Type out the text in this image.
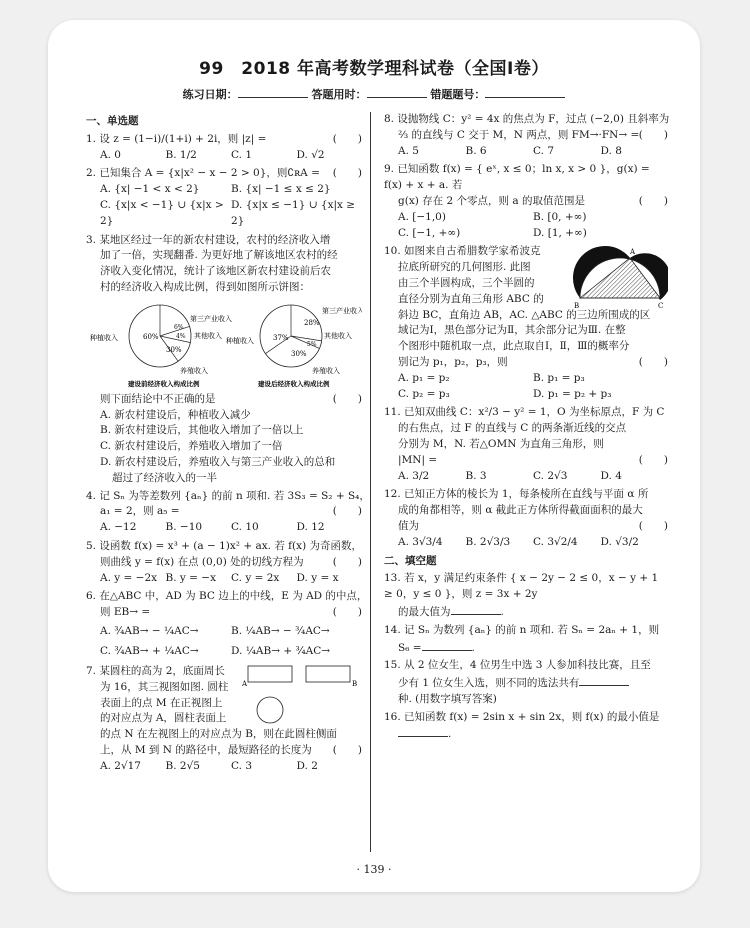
99　2018 年高考数学理科试卷（全国Ⅰ卷）
练习日期：	答题用时：	错题题号：
一、单选题
1. 设 z = (1−i)/(1+i) + 2i，则 |z| =	(　　)
A. 0	B. 1/2	C. 1	D. √2
2. 已知集合 A = {x|x² − x − 2 > 0}，则∁ʀA = (　　)
A. {x| −1 < x < 2}	B. {x| −1 ≤ x ≤ 2}
C. {x|x < −1} ∪ {x|x > 2}
D. {x|x ≤ −1} ∪ {x|x ≥ 2}
3. 某地区经过一年的新农村建设，农村的经济收入增
加了一倍，实现翻番. 为更好地了解该地区农村的经
济收入变化情况，统计了该地区新农村建设前后农
村的经济收入构成比例，得到如图所示饼图：
60%
6%
4%
30%
种植收入
第三产业收入
其他收入
养殖收入
建设前经济收入构成比例
37%
28%
5%
30%
种植收入
第三产业收入
其他收入
养殖收入
建设后经济收入构成比例
则下面结论中不正确的是	(　　)
A. 新农村建设后，种植收入减少
B. 新农村建设后，其他收入增加了一倍以上
C. 新农村建设后，养殖收入增加了一倍
D. 新农村建设后，养殖收入与第三产业收入的总和
超过了经济收入的一半
4. 记 Sₙ 为等差数列 {aₙ} 的前 n 项和. 若 3S₃ = S₂ + S₄，
a₁ = 2，则 a₅ =	(　　)
A. −12	B. −10	C. 10	D. 12
5. 设函数 f(x) = x³ + (a − 1)x² + ax. 若 f(x) 为奇函数，
则曲线 y = f(x) 在点 (0,0) 处的切线方程为	(　　)
A. y = −2x B. y = −x	C. y = 2x	D. y = x
6. 在△ABC 中，AD 为 BC 边上的中线，E 为 AD 的中点，
则 EB→ =	(　　)
A. ¾AB→ − ¼AC→	B. ¼AB→ − ¾AC→
C. ¾AB→ + ¼AC→	D. ¼AB→ + ¾AC→
A	B
7. 某圆柱的高为 2，底面周长
为 16，其三视图如图. 圆柱
表面上的点 M 在正视图上
的对应点为 A，圆柱表面上
的点 N 在左视图上的对应点为 B，则在此圆柱侧面
上，从 M 到 N 的路径中，最短路径的长度为 (　　)
A. 2√17	B. 2√5	C. 3	D. 2
8. 设抛物线 C：y² = 4x 的焦点为 F，过点 (−2,0) 且斜率为
⅔ 的直线与 C 交于 M，N 两点，则 FM→·FN→ = (　　)
A. 5	B. 6	C. 7	D. 8
9. 已知函数 f(x) = { eˣ, x ≤ 0；ln x, x > 0 }，g(x) = f(x) + x + a. 若
g(x) 存在 2 个零点，则 a 的取值范围是	(　　)
A. [−1,0)	B. [0, +∞)
C. [−1, +∞)	D. [1, +∞)
A
B	C
10. 如图来自古希腊数学家希波克
拉底所研究的几何图形. 此图
由三个半圆构成，三个半圆的
直径分别为直角三角形 ABC 的
斜边 BC，直角边 AB，AC. △ABC 的三边所围成的区
域记为Ⅰ，黑色部分记为Ⅱ，其余部分记为Ⅲ. 在整
个图形中随机取一点，此点取自Ⅰ，Ⅱ，Ⅲ的概率分
别记为 p₁，p₂，p₃，则	(　　)
A. p₁ = p₂	B. p₁ = p₃
C. p₂ = p₃	D. p₁ = p₂ + p₃
11. 已知双曲线 C：x²/3 − y² = 1，O 为坐标原点，F 为 C
的右焦点，过 F 的直线与 C 的两条渐近线的交点
分别为 M，N. 若△OMN 为直角三角形，则
|MN| =	(　　)
A. 3/2	B. 3	C. 2√3	D. 4
12. 已知正方体的棱长为 1，每条棱所在直线与平面 α 所
成的角都相等，则 α 截此正方体所得截面面积的最大
值为	(　　)
A. 3√3/4	B. 2√3/3	C. 3√2/4	D. √3/2
二、填空题
13. 若 x，y 满足约束条件 { x − 2y − 2 ≤ 0，x − y + 1 ≥ 0，y ≤ 0 }，则 z = 3x + 2y
的最大值为	.
14. 记 Sₙ 为数列 {aₙ} 的前 n 项和. 若 Sₙ = 2aₙ + 1，则
S₆ =	.
15. 从 2 位女生，4 位男生中选 3 人参加科技比赛，且至
少有 1 位女生入选，则不同的选法共有
种. (用数字填写答案)
16. 已知函数 f(x) = 2sin x + sin 2x，则 f(x) 的最小值是
.
· 139 ·
